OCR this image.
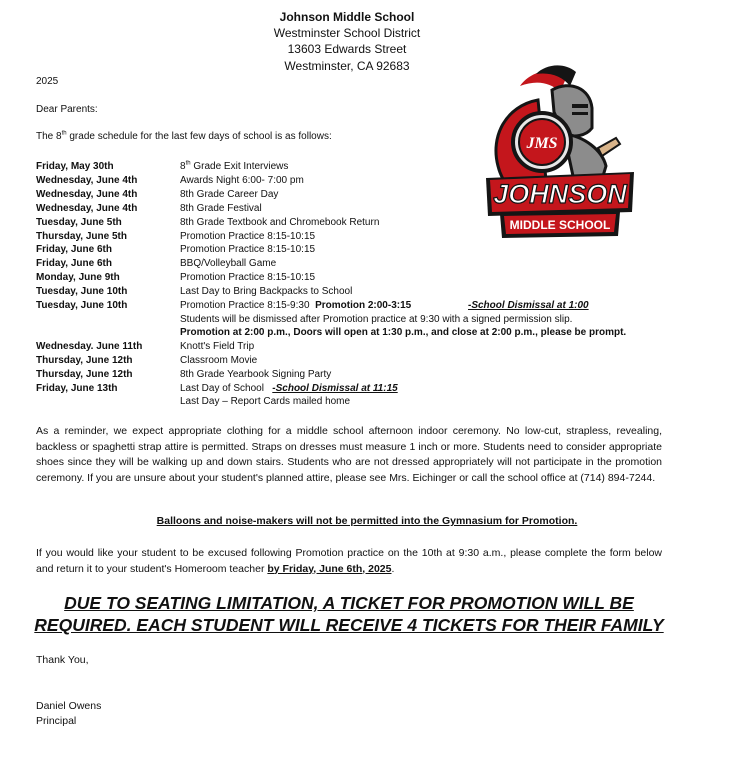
Johnson Middle School
Westminster School District
13603 Edwards Street
Westminster, CA 92683
JMS
JOHNSON
MIDDLE SCHOOL
2025
Dear Parents:
The 8th grade schedule for the last few days of school is as follows:
Friday, May 30th	8th Grade Exit Interviews
Wednesday, June 4th	Awards Night 6:00- 7:00 pm
Wednesday, June 4th	8th Grade Career Day
Wednesday, June 4th	8th Grade Festival
Tuesday, June 5th	8th Grade Textbook and Chromebook Return
Thursday, June 5th	Promotion Practice 8:15-10:15
Friday, June 6th	Promotion Practice 8:15-10:15
Friday, June 6th	BBQ/Volleyball Game
Monday, June 9th	Promotion Practice 8:15-10:15
Tuesday, June 10th	Last Day to Bring Backpacks to School
Tuesday, June 10th	Promotion Practice 8:15-9:30 Promotion 2:00-3:15	-School Dismissal at 1:00
Students will be dismissed after Promotion practice at 9:30 with a signed permission slip.
Promotion at 2:00 p.m., Doors will open at 1:30 p.m., and close at 2:00 p.m., please be prompt.
Wednesday. June 11th	Knott's Field Trip
Thursday, June 12th	Classroom Movie
Thursday, June 12th	8th Grade Yearbook Signing Party
Friday, June 13th	Last Day of School   -School Dismissal at 11:15
Last Day – Report Cards mailed home
As a reminder, we expect appropriate clothing for a middle school afternoon indoor ceremony. No low-cut, strapless, revealing, backless or spaghetti strap attire is permitted. Straps on dresses must measure 1 inch or more. Students need to consider appropriate shoes since they will be walking up and down stairs. Students who are not dressed appropriately will not participate in the promotion ceremony. If you are unsure about your student's planned attire, please see Mrs. Eichinger or call the school office at (714) 894-7244.
Balloons and noise-makers will not be permitted into the Gymnasium for Promotion.
If you would like your student to be excused following Promotion practice on the 10th at 9:30 a.m., please complete the form below and return it to your student's Homeroom teacher by Friday, June 6th, 2025.
DUE TO SEATING LIMITATION, A TICKET FOR PROMOTION WILL BE
REQUIRED. EACH STUDENT WILL RECEIVE 4 TICKETS FOR THEIR FAMILY
Thank You,
Daniel Owens
Principal
